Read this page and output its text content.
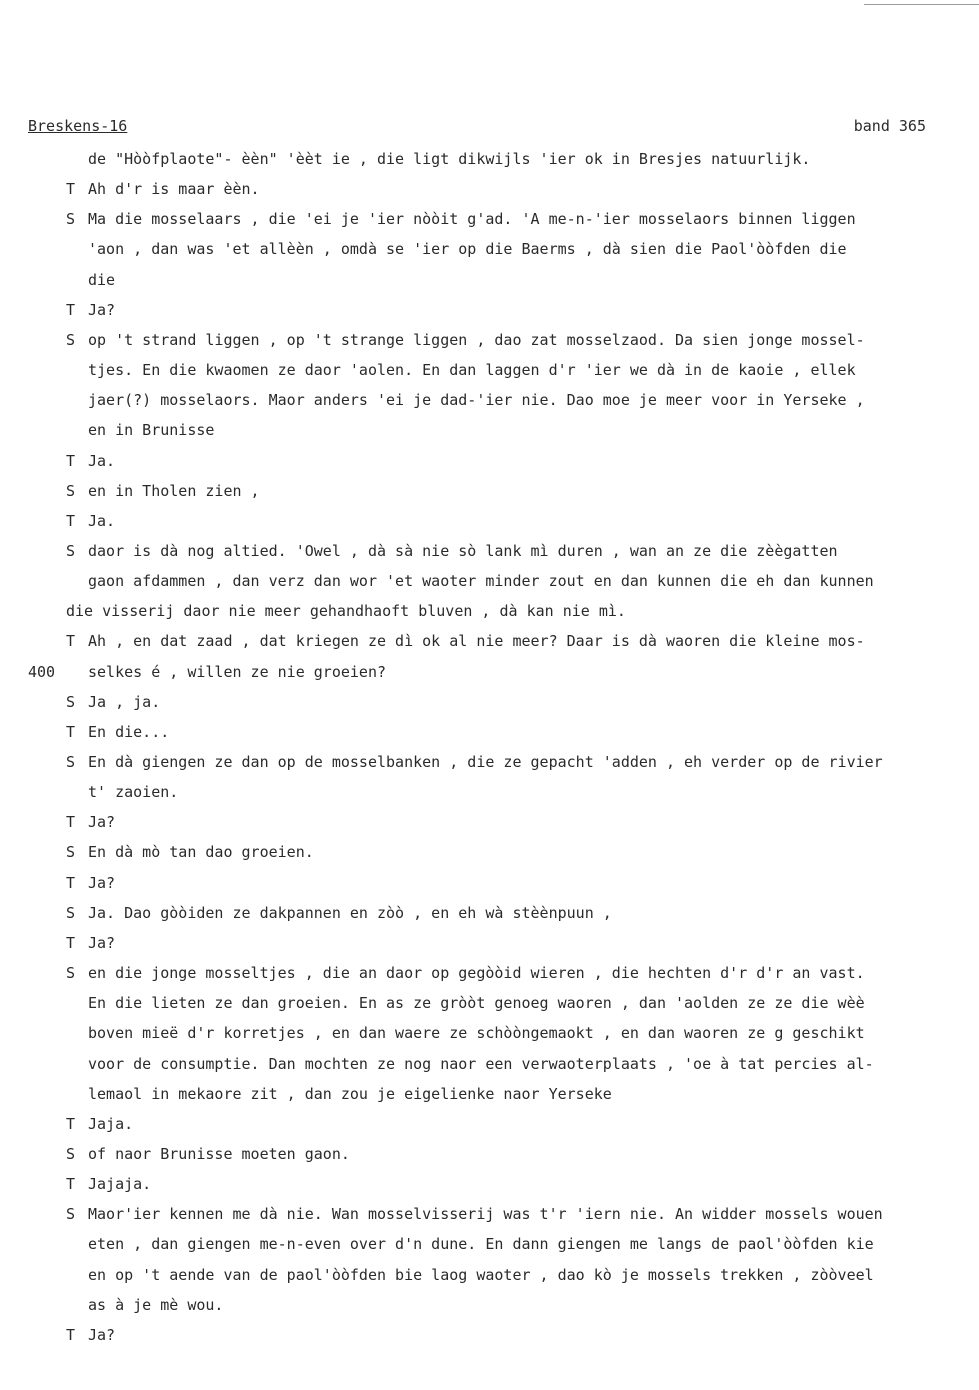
Breskens-16	band 365
de "Hòòfplaote"- èèn" 'èèt ie , die ligt dikwijls 'ier ok in Bresjes natuurlijk.
T Ah d'r is maar èèn.
S Ma die mosselaars , die 'ei je 'ier nòòit g'ad. 'A me-n-'ier mosselaors binnen liggen
'aon , dan was 'et allèèn , omdà se 'ier op die Baerms , dà sien die Paol'òòfden die
die
T Ja?
S op 't strand liggen , op 't strange liggen , dao zat mosselzaod. Da sien jonge mossel-
tjes. En die kwaomen ze daor 'aolen. En dan laggen d'r 'ier we dà in de kaoie , ellek
jaer(?) mosselaors. Maor anders 'ei je dad-'ier nie. Dao moe je meer voor in Yerseke ,
en in Brunisse
T Ja.
S en in Tholen zien ,
T Ja.
S daor is dà nog altied. 'Owel , dà sà nie sò lank mì duren , wan an ze die zèègatten
gaon afdammen , dan verz dan wor 'et waoter minder zout en dan kunnen die eh dan kunnen
die visserij daor nie meer gehandhaoft bluven , dà kan nie mì.
T Ah , en dat zaad , dat kriegen ze dì ok al nie meer? Daar is dà waoren die kleine mos-
400 selkes é , willen ze nie groeien?
S Ja , ja.
T En die...
S En dà giengen ze dan op de mosselbanken , die ze gepacht 'adden , eh verder op de rivier
t' zaoien.
T Ja?
S En dà mò tan dao groeien.
T Ja?
S Ja. Dao gòòiden ze dakpannen en zòò , en eh wà stèènpuun ,
T Ja?
S en die jonge mosseltjes , die an daor op gegòòid wieren , die hechten d'r d'r an vast.
En die lieten ze dan groeien. En as ze gròòt genoeg waoren , dan 'aolden ze ze die wèè
boven mieë d'r korretjes , en dan waere ze schòòngemaokt , en dan waoren ze g geschikt
voor de consumptie. Dan mochten ze nog naor een verwaoterplaats , 'oe à tat percies al-
lemaol in mekaore zit , dan zou je eigelienke naor Yerseke
T Jaja.
S of naor Brunisse moeten gaon.
T Jajaja.
S Maor'ier kennen me dà nie. Wan mosselvisserij was t'r 'iern nie. An widder mossels wouen
eten , dan giengen me-n-even over d'n dune. En dann giengen me langs de paol'òòfden kie
en op 't aende van de paol'òòfden bie laog waoter , dao kò je mossels trekken , zòòveel
as à je mè wou.
T Ja?
